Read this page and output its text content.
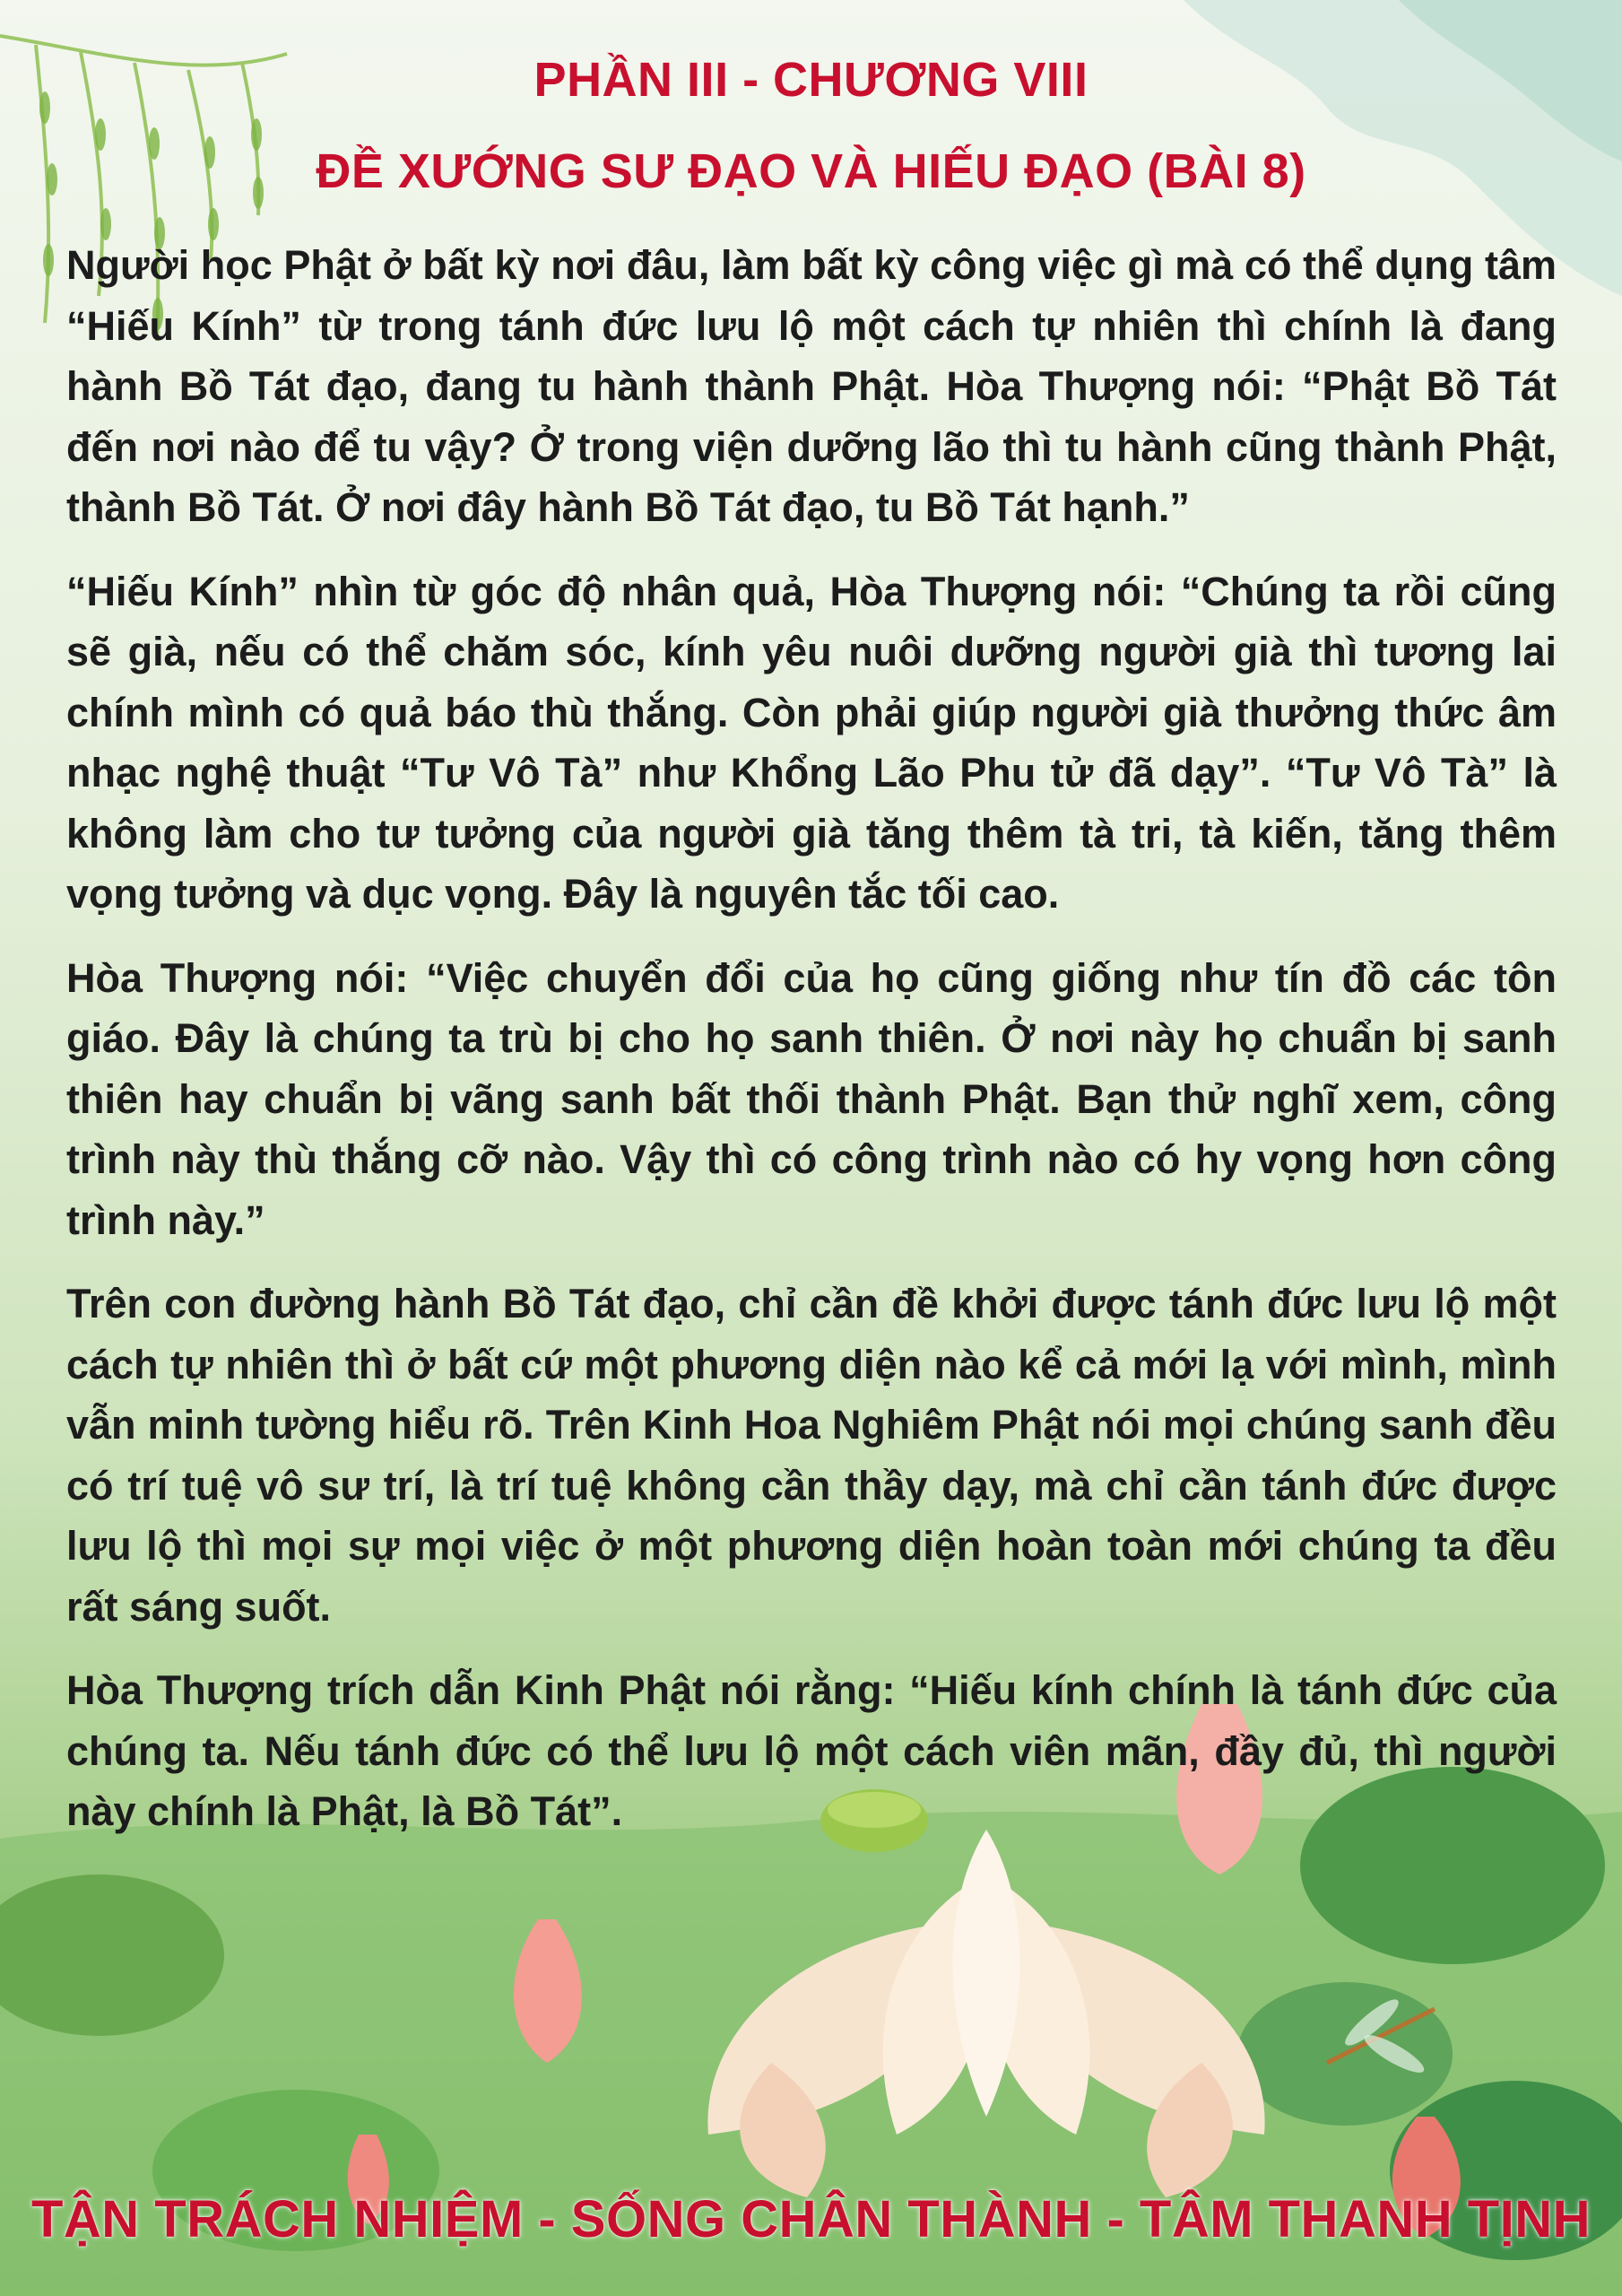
PHẦN III - CHƯƠNG VIII
ĐỀ XƯỚNG SƯ ĐẠO VÀ HIẾU ĐẠO (BÀI 8)

Người học Phật ở bất kỳ nơi đâu, làm bất kỳ công việc gì mà có thể dụng tâm “Hiếu Kính” từ trong tánh đức lưu lộ một cách tự nhiên thì chính là đang hành Bồ Tát đạo, đang tu hành thành Phật. Hòa Thượng nói: “Phật Bồ Tát đến nơi nào để tu vậy? Ở trong viện dưỡng lão thì tu hành cũng thành Phật, thành Bồ Tát. Ở nơi đây hành Bồ Tát đạo, tu Bồ Tát hạnh.”

“Hiếu Kính” nhìn từ góc độ nhân quả, Hòa Thượng nói: “Chúng ta rồi cũng sẽ già, nếu có thể chăm sóc, kính yêu nuôi dưỡng người già thì tương lai chính mình có quả báo thù thắng. Còn phải giúp người già thưởng thức âm nhạc nghệ thuật “Tư Vô Tà” như Khổng Lão Phu tử đã dạy”. “Tư Vô Tà” là không làm cho tư tưởng của người già tăng thêm tà tri, tà kiến, tăng thêm vọng tưởng và dục vọng. Đây là nguyên tắc tối cao.

Hòa Thượng nói: “Việc chuyển đổi của họ cũng giống như tín đồ các tôn giáo. Đây là chúng ta trù bị cho họ sanh thiên. Ở nơi này họ chuẩn bị sanh thiên hay chuẩn bị vãng sanh bất thối thành Phật. Bạn thử nghĩ xem, công trình này thù thắng cỡ nào. Vậy thì có công trình nào có hy vọng hơn công trình này.”

Trên con đường hành Bồ Tát đạo, chỉ cần đề khởi được tánh đức lưu lộ một cách tự nhiên thì ở bất cứ một phương diện nào kể cả mới lạ với mình, mình vẫn minh tường hiểu rõ. Trên Kinh Hoa Nghiêm Phật nói mọi chúng sanh đều có trí tuệ vô sư trí, là trí tuệ không cần thầy dạy, mà chỉ cần tánh đức được lưu lộ thì mọi sự mọi việc ở một phương diện hoàn toàn mới chúng ta đều rất sáng suốt.

Hòa Thượng trích dẫn Kinh Phật nói rằng: “Hiếu kính chính là tánh đức của chúng ta. Nếu tánh đức có thể lưu lộ một cách viên mãn, đầy đủ, thì người này chính là Phật, là Bồ Tát”.

TẬN TRÁCH NHIỆM - SỐNG CHÂN THÀNH - TÂM THANH TỊNH
